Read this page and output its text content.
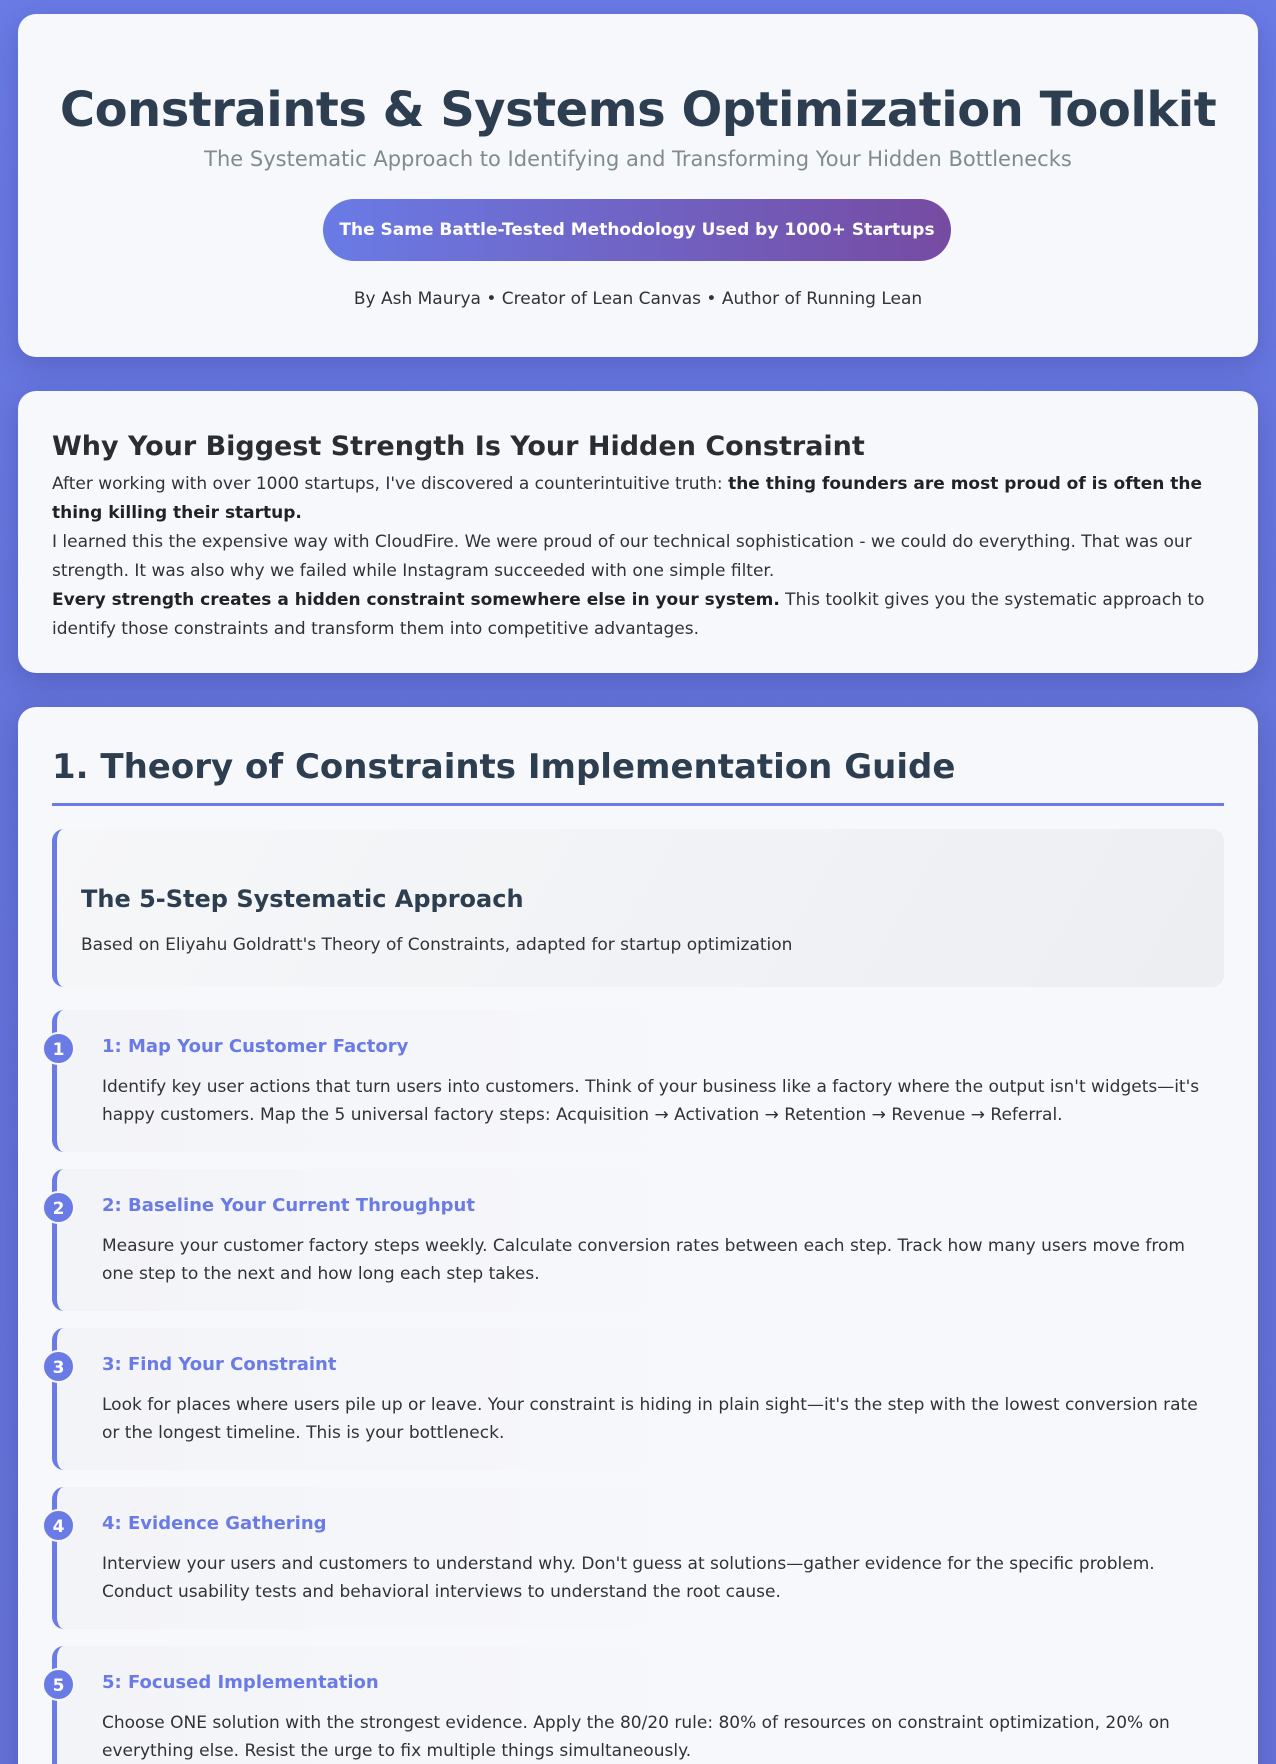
Constraints & Systems Optimization Toolkit
The Systematic Approach to Identifying and Transforming Your Hidden Bottlenecks
The Same Battle-Tested Methodology Used by 1000+ Startups
By Ash Maurya • Creator of Lean Canvas • Author of Running Lean
Why Your Biggest Strength Is Your Hidden Constraint

After working with over 1000 startups, I've discovered a counterintuitive truth: the thing founders are most proud of is often the thing killing their startup.

I learned this the expensive way with CloudFire. We were proud of our technical sophistication - we could do everything. That was our strength. It was also why we failed while Instagram succeeded with one simple filter.

Every strength creates a hidden constraint somewhere else in your system. This toolkit gives you the systematic approach to identify those constraints and transform them into competitive advantages.

1. Theory of Constraints Implementation Guide
The 5-Step Systematic Approach

Based on Eliyahu Goldratt's Theory of Constraints, adapted for startup optimization

1	1: Map Your Customer Factory

Identify key user actions that turn users into customers. Think of your business like a factory where the output isn't widgets—it's happy customers. Map the 5 universal factory steps: Acquisition → Activation → Retention → Revenue → Referral.

2	2: Baseline Your Current Throughput

Measure your customer factory steps weekly. Calculate conversion rates between each step. Track how many users move from one step to the next and how long each step takes.

3	3: Find Your Constraint

Look for places where users pile up or leave. Your constraint is hiding in plain sight—it's the step with the lowest conversion rate or the longest timeline. This is your bottleneck.

4	4: Evidence Gathering

Interview your users and customers to understand why. Don't guess at solutions—gather evidence for the specific problem. Conduct usability tests and behavioral interviews to understand the root cause.

5	5: Focused Implementation

Choose ONE solution with the strongest evidence. Apply the 80/20 rule: 80% of resources on constraint optimization, 20% on everything else. Resist the urge to fix multiple things simultaneously.
